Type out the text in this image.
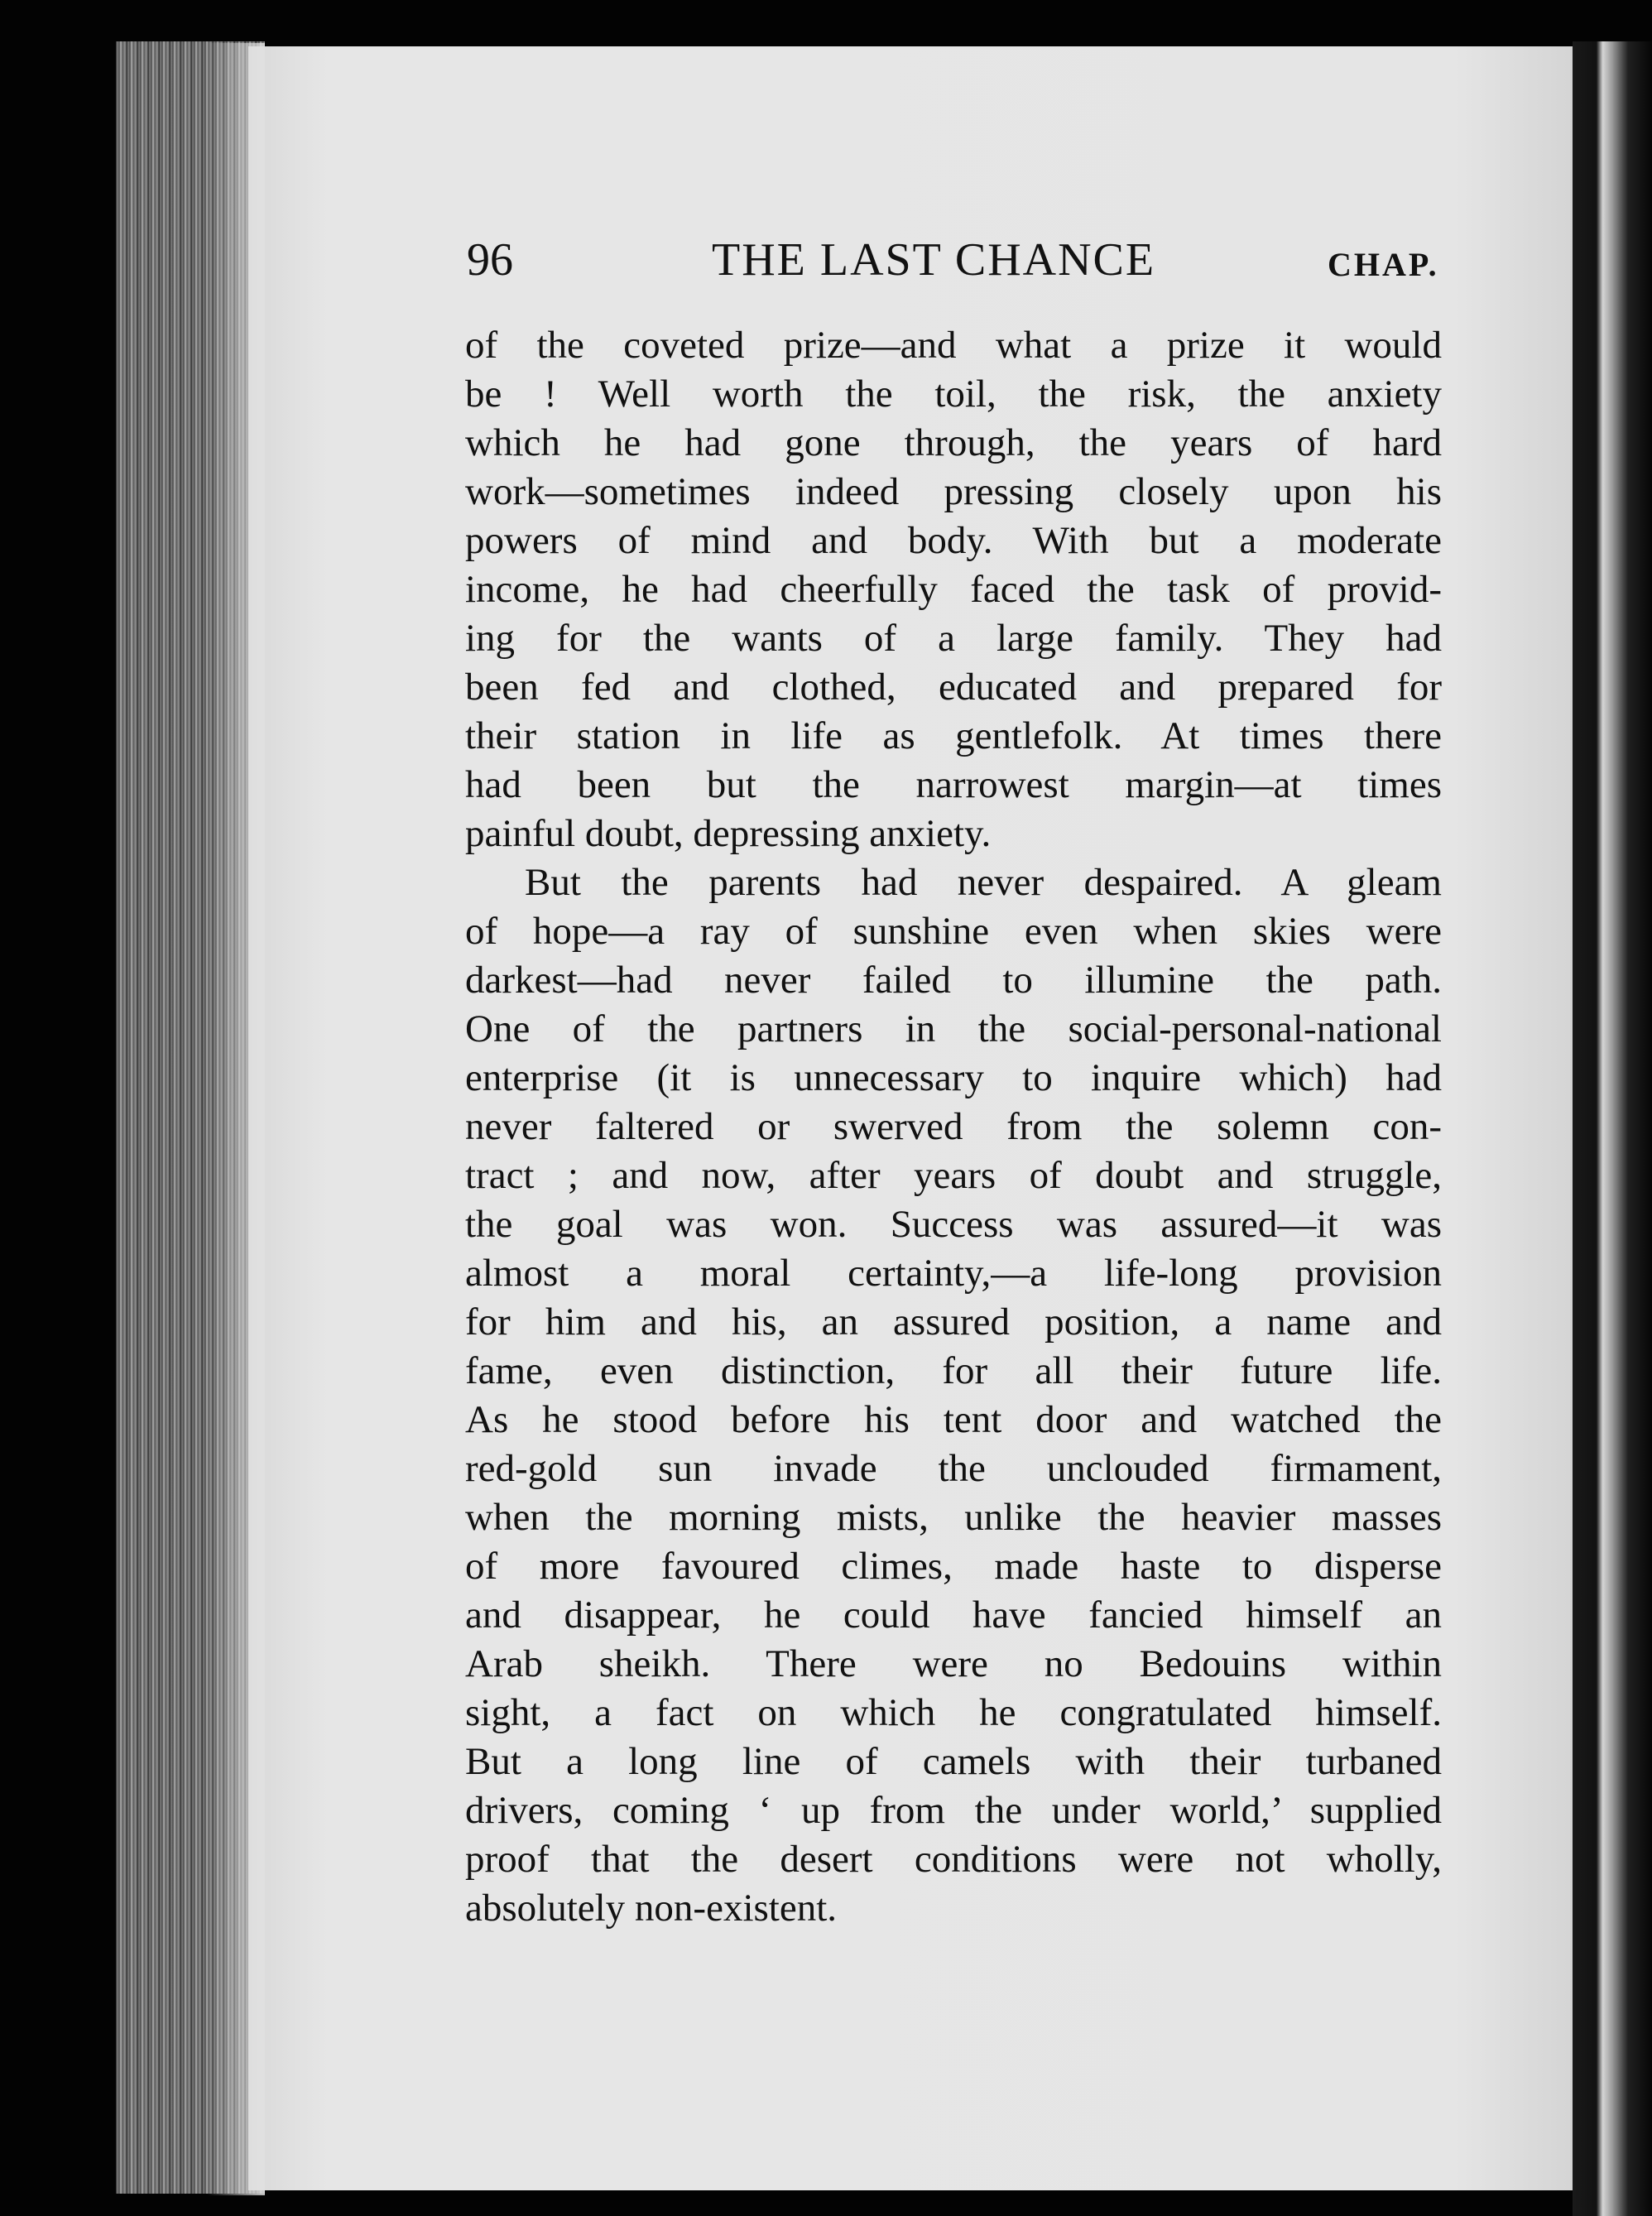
96	THE LAST CHANCE	CHAP.
of the coveted prize—and what a prize it would
be ! Well worth the toil, the risk, the anxiety
which he had gone through, the years of hard
work—sometimes indeed pressing closely upon his
powers of mind and body. With but a moderate
income, he had cheerfully faced the task of provid-
ing for the wants of a large family. They had
been fed and clothed, educated and prepared for
their station in life as gentlefolk. At times there
had been but the narrowest margin—at times
painful doubt, depressing anxiety.
But the parents had never despaired. A gleam
of hope—a ray of sunshine even when skies were
darkest—had never failed to illumine the path.
One of the partners in the social-personal-national
enterprise (it is unnecessary to inquire which) had
never faltered or swerved from the solemn con-
tract ; and now, after years of doubt and struggle,
the goal was won. Success was assured—it was
almost a moral certainty,—a life-long provision
for him and his, an assured position, a name and
fame, even distinction, for all their future life.
As he stood before his tent door and watched the
red-gold sun invade the unclouded firmament,
when the morning mists, unlike the heavier masses
of more favoured climes, made haste to disperse
and disappear, he could have fancied himself an
Arab sheikh. There were no Bedouins within
sight, a fact on which he congratulated himself.
But a long line of camels with their turbaned
drivers, coming ‘ up from the under world,’ supplied
proof that the desert conditions were not wholly,
absolutely non-existent.
